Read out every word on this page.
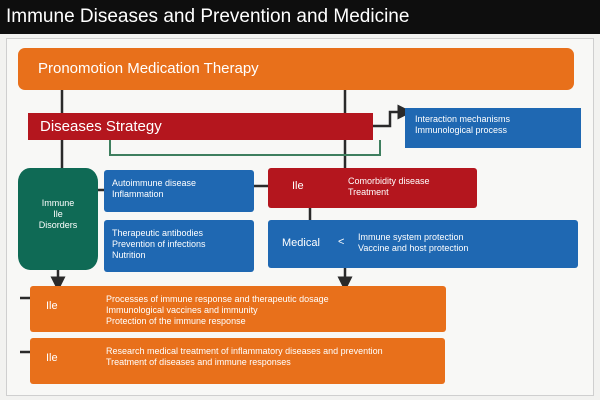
Immune Diseases and Prevention and Medicine
Pronomotion Medication Therapy
Diseases Strategy	Interaction mechanisms
Immunological process
Immune
Ile
Disorders
Autoimmune disease
Inflammation
Therapeutic antibodies
Prevention of infections
Nutrition
Ile	Comorbidity disease
Treatment
Medical < Immune system protection
Vaccine and host protection
Ile
Processes of immune response and therapeutic dosage
Immunological vaccines and immunity
Protection of the immune response
Ile
Research medical treatment of inflammatory diseases and prevention
Treatment of diseases and immune responses
